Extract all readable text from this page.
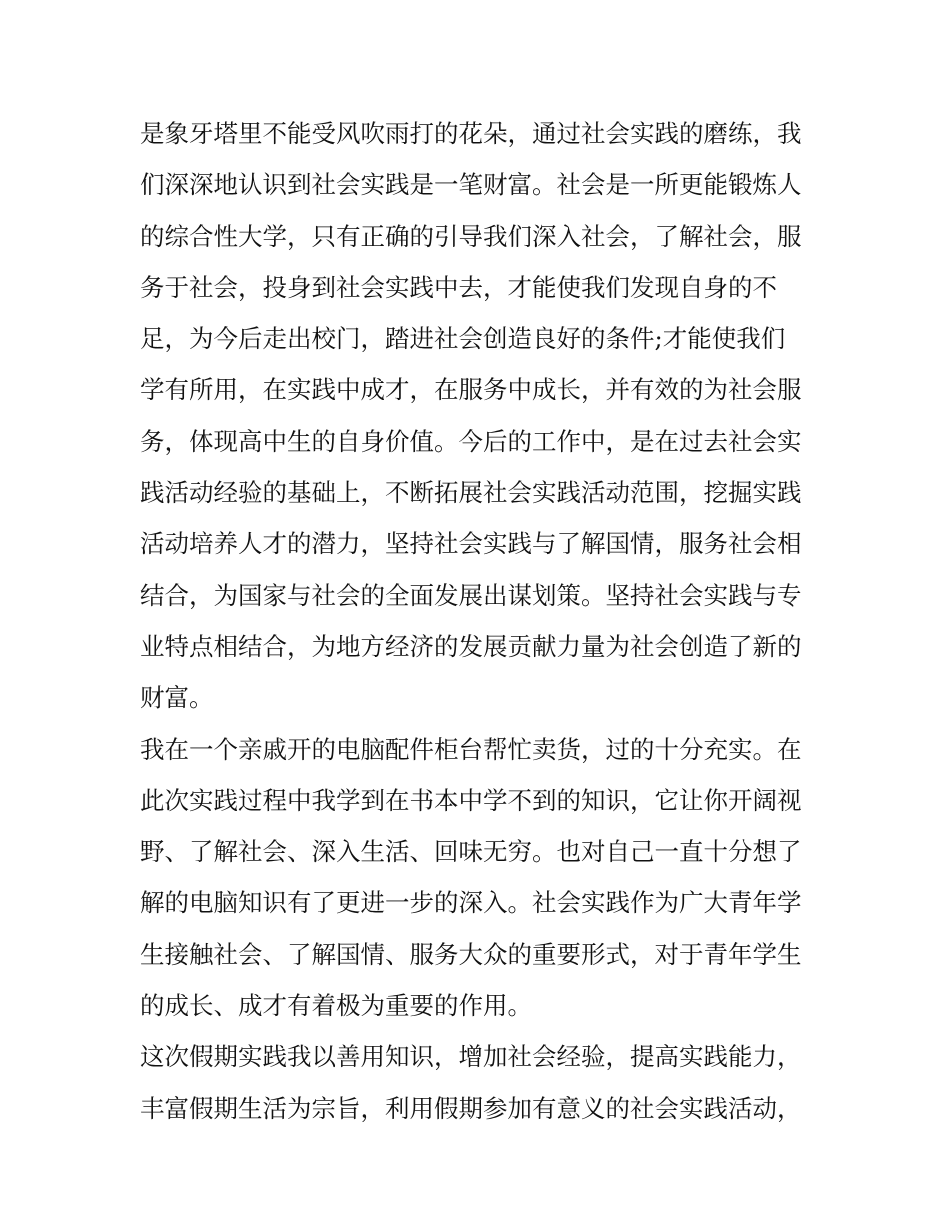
是象牙塔里不能受风吹雨打的花朵，通过社会实践的磨练，我
们深深地认识到社会实践是一笔财富。社会是一所更能锻炼人
的综合性大学，只有正确的引导我们深入社会，了解社会，服
务于社会，投身到社会实践中去，才能使我们发现自身的不
足，为今后走出校门，踏进社会创造良好的条件;才能使我们
学有所用，在实践中成才，在服务中成长，并有效的为社会服
务，体现高中生的自身价值。今后的工作中，是在过去社会实
践活动经验的基础上，不断拓展社会实践活动范围，挖掘实践
活动培养人才的潜力，坚持社会实践与了解国情，服务社会相
结合，为国家与社会的全面发展出谋划策。坚持社会实践与专
业特点相结合，为地方经济的发展贡献力量为社会创造了新的
财富。
我在一个亲戚开的电脑配件柜台帮忙卖货，过的十分充实。在
此次实践过程中我学到在书本中学不到的知识，它让你开阔视
野、了解社会、深入生活、回味无穷。也对自己一直十分想了
解的电脑知识有了更进一步的深入。社会实践作为广大青年学
生接触社会、了解国情、服务大众的重要形式，对于青年学生
的成长、成才有着极为重要的作用。
这次假期实践我以善用知识，增加社会经验，提高实践能力，
丰富假期生活为宗旨，利用假期参加有意义的社会实践活动，
